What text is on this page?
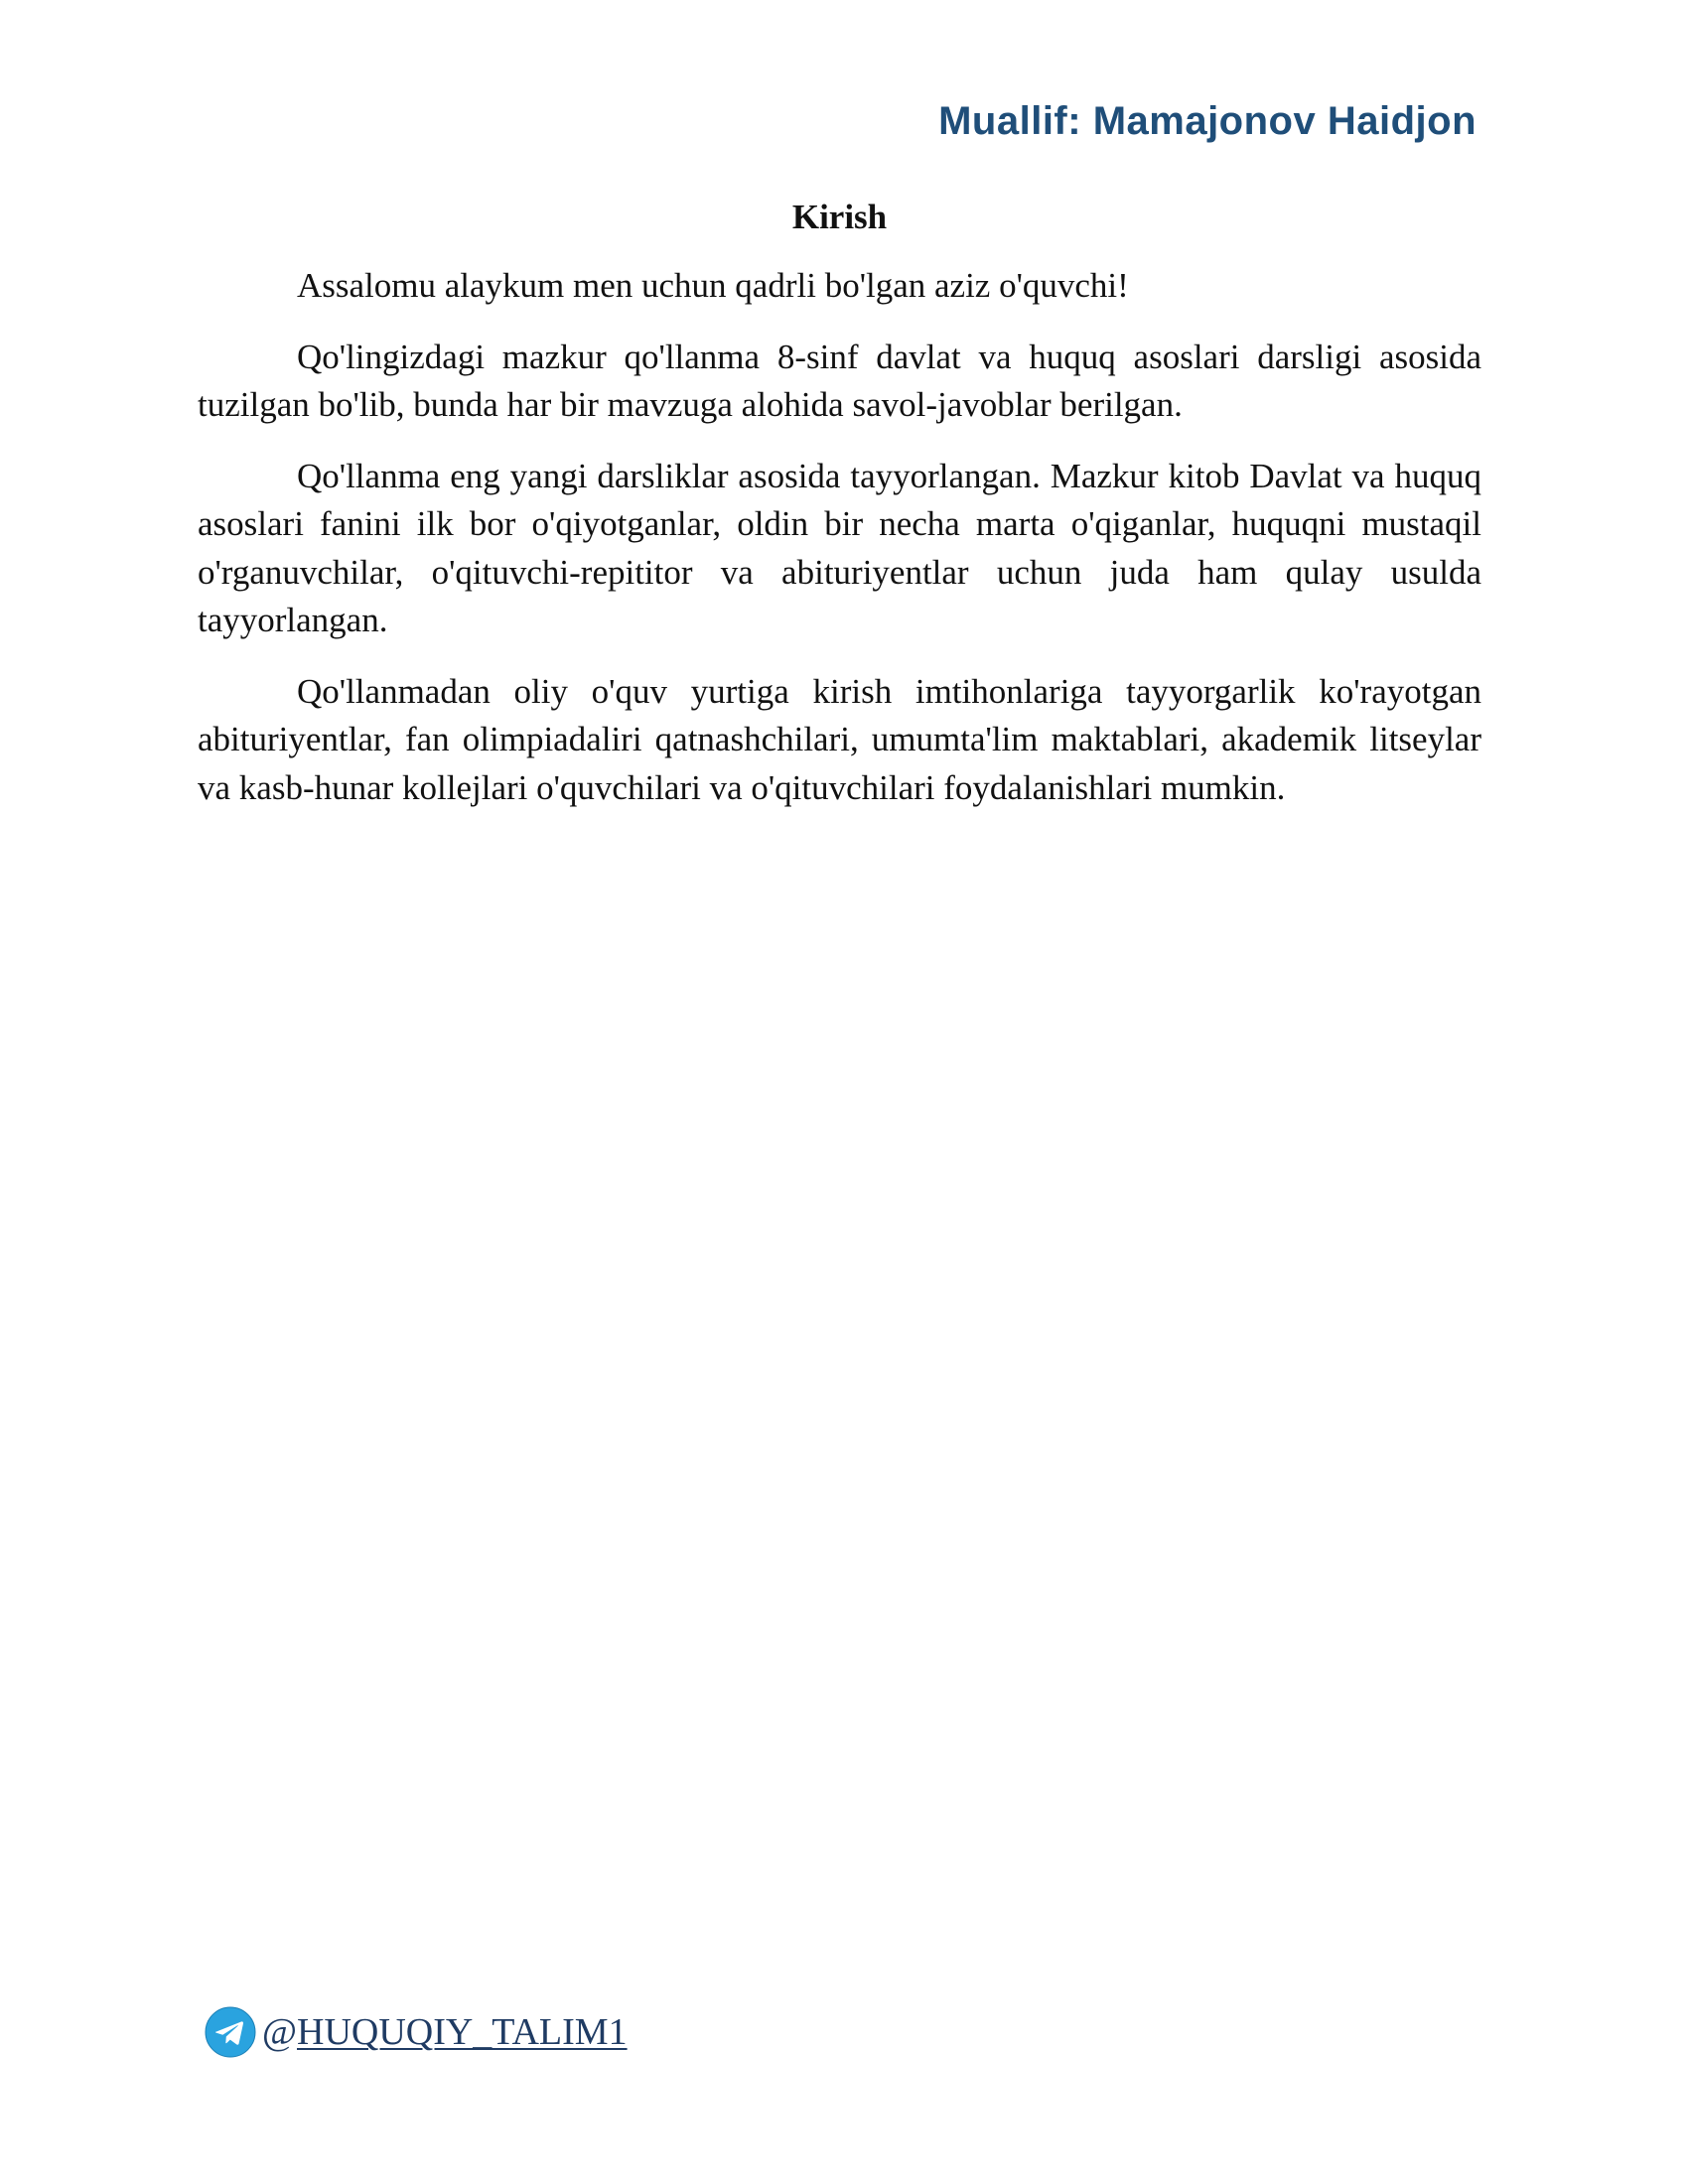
Muallif: Mamajonov Haidjon
Kirish

Assalomu alaykum men uchun qadrli bo'lgan aziz o'quvchi!

Qo'lingizdagi mazkur qo'llanma 8-sinf davlat va huquq asoslari darsligi asosida tuzilgan bo'lib, bunda har bir mavzuga alohida savol-javoblar berilgan.

Qo'llanma eng yangi darsliklar asosida tayyorlangan. Mazkur kitob Davlat va huquq asoslari fanini ilk bor o'qiyotganlar, oldin bir necha marta o'qiganlar, huquqni mustaqil o'rganuvchilar, o'qituvchi-repititor va abituriyentlar uchun juda ham qulay usulda tayyorlangan.

Qo'llanmadan oliy o'quv yurtiga kirish imtihonlariga tayyorgarlik ko'rayotgan abituriyentlar, fan olimpiadaliri qatnashchilari, umumta'lim maktablari, akademik litseylar va kasb-hunar kollejlari o'quvchilari va o'qituvchilari foydalanishlari mumkin.

@HUQUQIY_TALIM1
